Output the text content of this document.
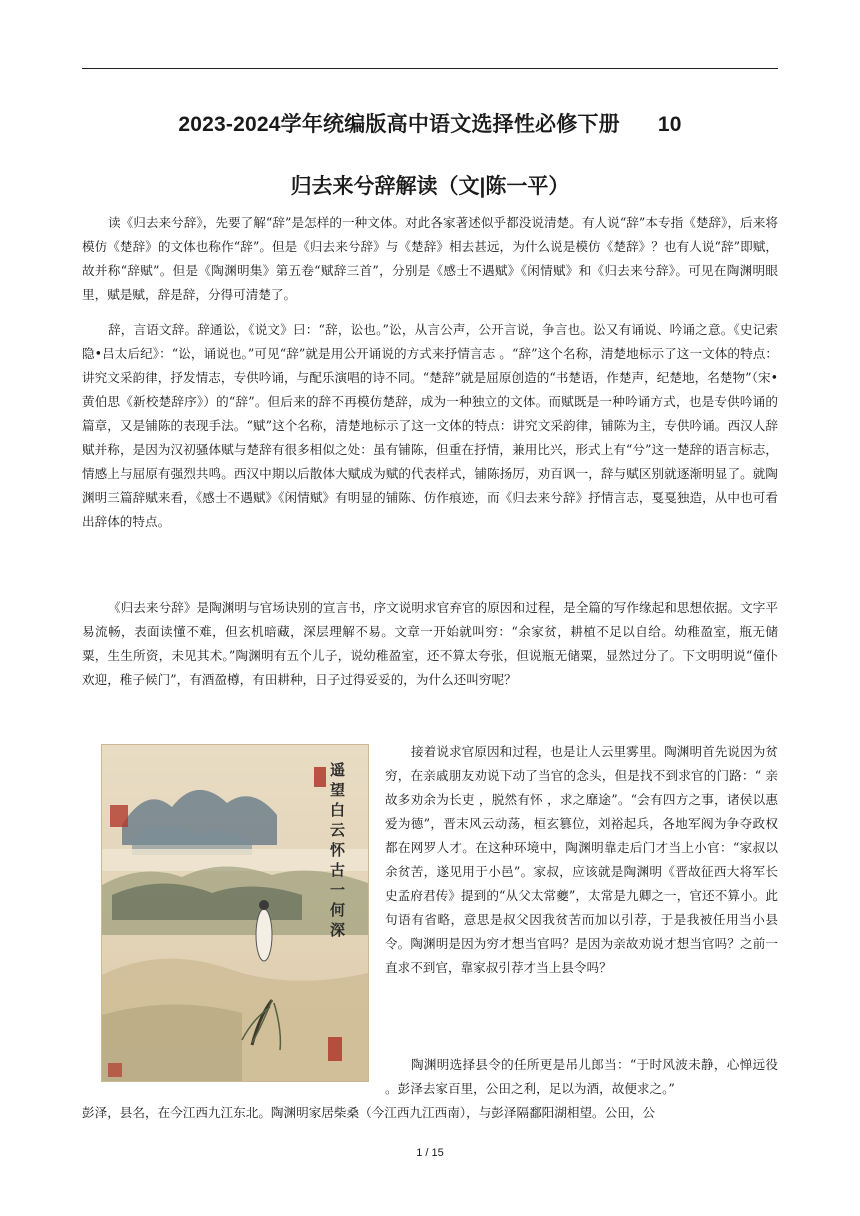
2023-2024学年统编版高中语文选择性必修下册 10
归去来兮辞解读（文|陈一平）
读《归去来兮辞》，先要了解“辞”是怎样的一种文体。对此各家著述似乎都没说清楚。有人说“辞”本专指《楚辞》，后来将模仿《楚辞》的文体也称作“辞”。但是《归去来兮辞》与《楚辞》相去甚远，为什么说是模仿《楚辞》？也有人说“辞”即赋，故并称“辞赋”。但是《陶渊明集》第五卷“赋辞三首”，分别是《感士不遇赋》《闲情赋》和《归去来兮辞》。可见在陶渊明眼里，赋是赋，辞是辞，分得可清楚了。
辞，言语文辞。辞通讼，《说文》曰：“辞，讼也。”讼，从言公声，公开言说，争言也。讼又有诵说、吟诵之意。《史记索隐•吕太后纪》：“讼，诵说也。”可见“辞”就是用公开诵说的方式来抒情言志 。“辞”这个名称，清楚地标示了这一文体的特点：讲究文采韵律，抒发情志，专供吟诵，与配乐演唱的诗不同。“楚辞”就是屈原创造的“书楚语，作楚声，纪楚地，名楚物”（宋•黄伯思《新校楚辞序》）的“辞”。但后来的辞不再模仿楚辞，成为一种独立的文体。而赋既是一种吟诵方式，也是专供吟诵的篇章，又是铺陈的表现手法。“赋”这个名称，清楚地标示了这一文体的特点：讲究文采韵律，铺陈为主，专供吟诵。西汉人辞赋并称，是因为汉初骚体赋与楚辞有很多相似之处：虽有铺陈，但重在抒情，兼用比兴，形式上有“兮”这一楚辞的语言标志，情感上与屈原有强烈共鸣。西汉中期以后散体大赋成为赋的代表样式，铺陈扬厉，劝百讽一，辞与赋区别就逐渐明显了。就陶渊明三篇辞赋来看，《感士不遇赋》《闲情赋》有明显的铺陈、仿作痕迹，而《归去来兮辞》抒情言志，戛戛独造，从中也可看出辞体的特点。
《归去来兮辞》是陶渊明与官场诀别的宣言书，序文说明求官弃官的原因和过程，是全篇的写作缘起和思想依据。文字平易流畅，表面读懂不难，但玄机暗藏，深层理解不易。文章一开始就叫穷：“余家贫，耕植不足以自给。幼稚盈室，瓶无储粟，生生所资，未见其术。”陶渊明有五个儿子，说幼稚盈室，还不算太夸张，但说瓶无储粟，显然过分了。下文明明说“僮仆欢迎，稚子候门”，有酒盈樽，有田耕种，日子过得妥妥的，为什么还叫穷呢？
遥
望
白
云
怀
古
一
何
深
接着说求官原因和过程，也是让人云里雾里。陶渊明首先说因为贫穷，在亲戚朋友劝说下动了当官的念头，但是找不到求官的门路：“ 亲故多劝余为长吏 ，脱然有怀 ，求之靡途”。“会有四方之事，诸侯以惠爱为德”，晋末风云动荡，桓玄篡位，刘裕起兵，各地军阀为争夺政权都在网罗人才。在这种环境中，陶渊明靠走后门才当上小官：“家叔以余贫苦，遂见用于小邑”。家叔，应该就是陶渊明《晋故征西大将军长史孟府君传》提到的“从父太常夔”，太常是九卿之一，官还不算小。此句语有省略，意思是叔父因我贫苦而加以引荐，于是我被任用当小县令。陶渊明是因为穷才想当官吗？是因为亲故劝说才想当官吗？之前一直求不到官，靠家叔引荐才当上县令吗？
陶渊明选择县令的任所更是吊儿郎当：“于时风波未静，心惮远役 。彭泽去家百里，公田之利，足以为酒，故便求之。”
彭泽，县名，在今江西九江东北。陶渊明家居柴桑（今江西九江西南），与彭泽隔鄱阳湖相望。公田，公
1 / 15
